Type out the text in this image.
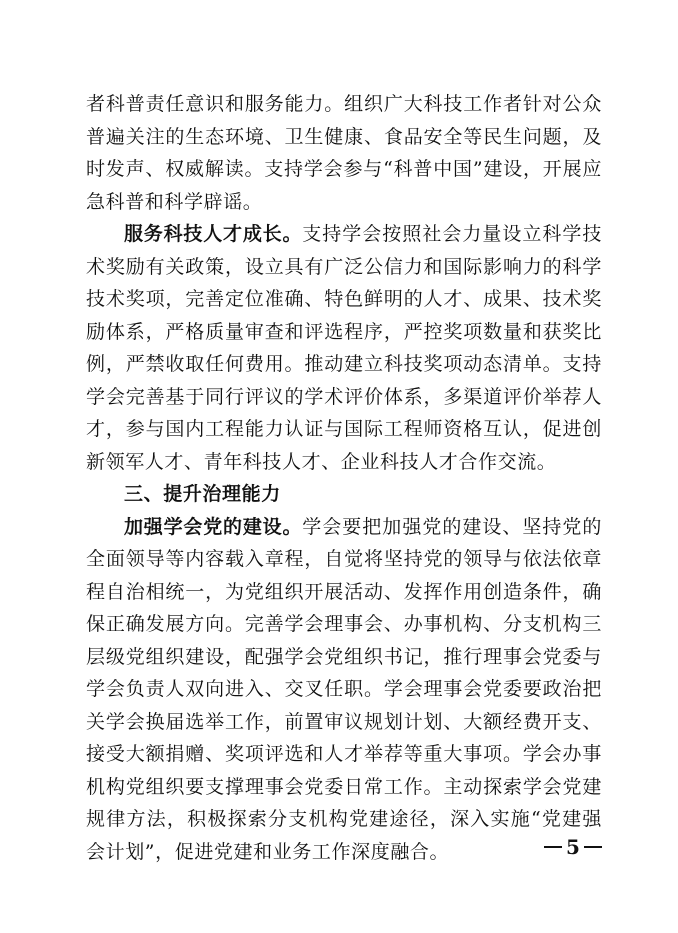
者科普责任意识和服务能力。组织广大科技工作者针对公众普遍关注的生态环境、卫生健康、食品安全等民生问题，及时发声、权威解读。支持学会参与“科普中国”建设，开展应急科普和科学辟谣。

服务科技人才成长。支持学会按照社会力量设立科学技术奖励有关政策，设立具有广泛公信力和国际影响力的科学技术奖项，完善定位准确、特色鲜明的人才、成果、技术奖励体系，严格质量审查和评选程序，严控奖项数量和获奖比例，严禁收取任何费用。推动建立科技奖项动态清单。支持学会完善基于同行评议的学术评价体系，多渠道评价举荐人才，参与国内工程能力认证与国际工程师资格互认，促进创新领军人才、青年科技人才、企业科技人才合作交流。

三、提升治理能力

加强学会党的建设。学会要把加强党的建设、坚持党的全面领导等内容载入章程，自觉将坚持党的领导与依法依章程自治相统一，为党组织开展活动、发挥作用创造条件，确保正确发展方向。完善学会理事会、办事机构、分支机构三层级党组织建设，配强学会党组织书记，推行理事会党委与学会负责人双向进入、交叉任职。学会理事会党委要政治把关学会换届选举工作，前置审议规划计划、大额经费开支、接受大额捐赠、奖项评选和人才举荐等重大事项。学会办事机构党组织要支撑理事会党委日常工作。主动探索学会党建规律方法，积极探索分支机构党建途径，深入实施“党建强会计划”，促进党建和业务工作深度融合。	5
